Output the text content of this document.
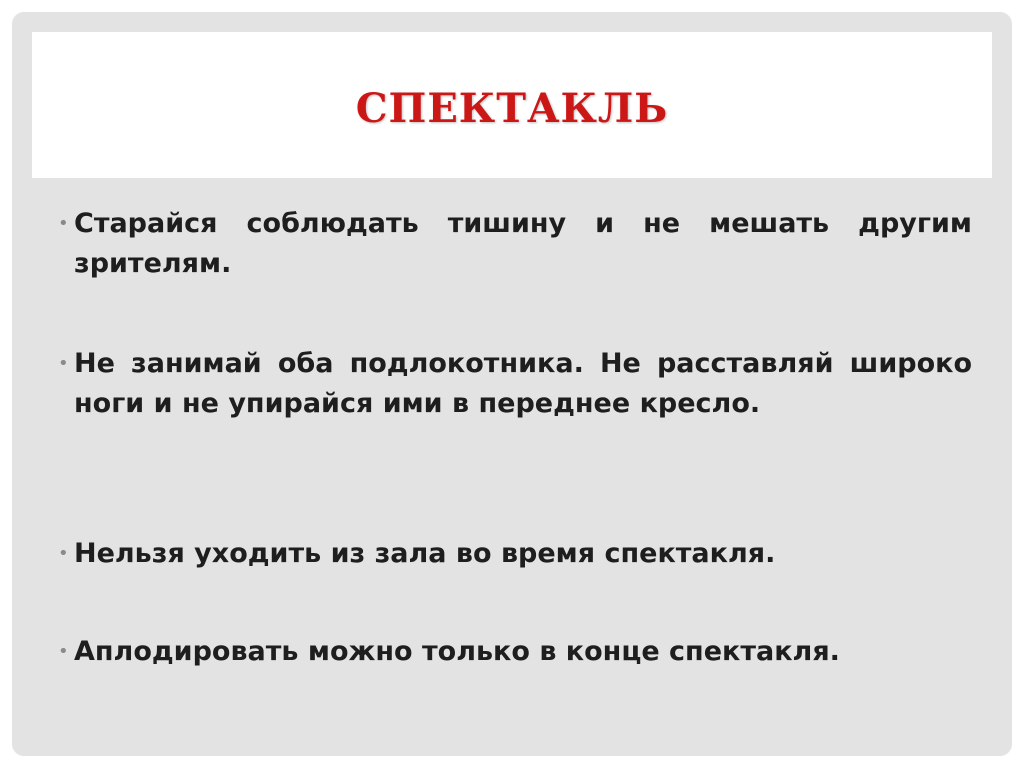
СПЕКТАКЛЬ
• Старайся соблюдать тишину и не мешать другим зрителям.
• Не занимай оба подлокотника. Не расставляй широко ноги и не упирайся ими в переднее кресло.
• Нельзя уходить из зала во время спектакля.
• Аплодировать можно только в конце спектакля.
